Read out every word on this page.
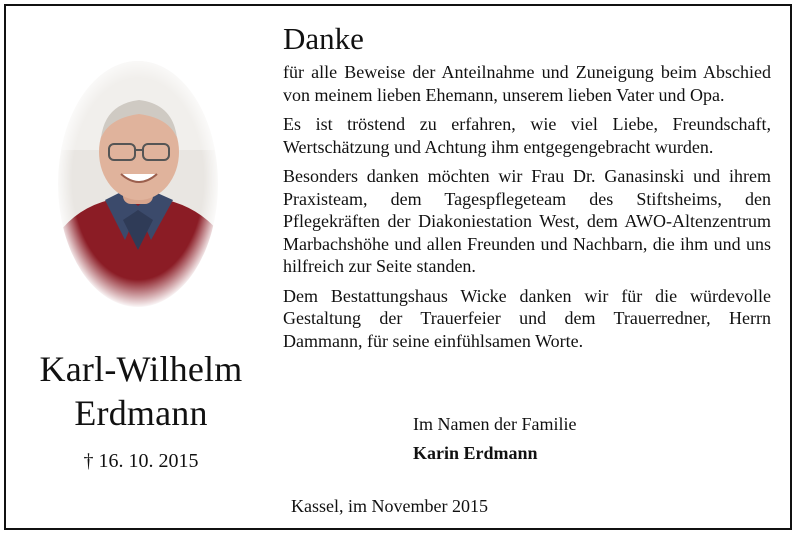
Karl-Wilhelm
Erdmann
† 16. 10. 2015
Danke

für alle Beweise der Anteilnahme und Zuneigung beim Abschied von meinem lieben Ehemann, unserem lieben Vater und Opa.

Es ist tröstend zu erfahren, wie viel Liebe, Freundschaft, Wertschätzung und Achtung ihm entgegengebracht wurden.

Besonders danken möchten wir Frau Dr. Ganasinski und ihrem Praxisteam, dem Tagespflegeteam des Stiftsheims, den Pflegekräften der Diakoniestation West, dem AWO-Altenzentrum Marbachshöhe und allen Freunden und Nachbarn, die ihm und uns hilfreich zur Seite standen.

Dem Bestattungshaus Wicke danken wir für die würdevolle Gestaltung der Trauerfeier und dem Trauerredner, Herrn Dammann, für seine einfühlsamen Worte.

Im Namen der Familie
Karin Erdmann
Kassel, im November 2015
